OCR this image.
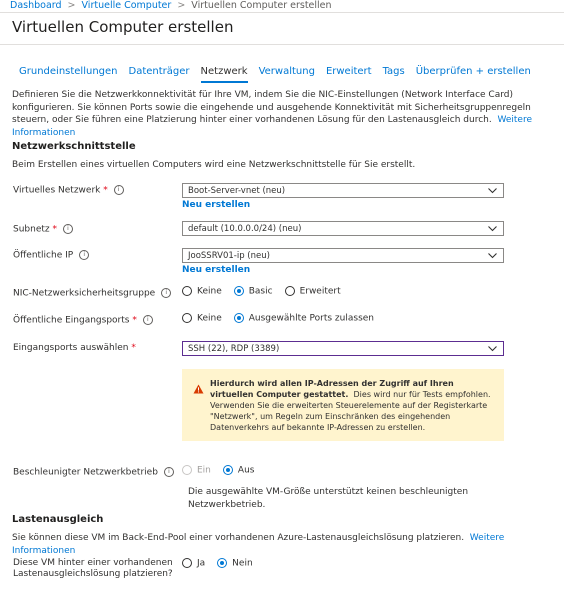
Dashboard > Virtuelle Computer > Virtuellen Computer erstellen
Virtuellen Computer erstellen
Grundeinstellungen Datenträger Netzwerk Verwaltung Erweitert Tags Überprüfen + erstellen
Definieren Sie die Netzwerkkonnektivität für Ihre VM, indem Sie die NIC-Einstellungen (Network Interface Card) konfigurieren. Sie können Ports sowie die eingehende und ausgehende Konnektivität mit Sicherheitsgruppenregeln steuern, oder Sie führen eine Platzierung hinter einer vorhandenen Lösung für den Lastenausgleich durch. Weitere Informationen
Netzwerkschnittstelle
Beim Erstellen eines virtuellen Computers wird eine Netzwerkschnittstelle für Sie erstellt.
Virtuelles Netzwerk * i	Boot-Server-vnet (neu)
Neu erstellen
Subnetz * i	default (10.0.0.0/24) (neu)
Öffentliche IP i	JooSSRV01-ip (neu)
Neu erstellen
NIC-Netzwerksicherheitsgruppe i	Keine	Basic	Erweitert
Öffentliche Eingangsports * i	Keine	Ausgewählte Ports zulassen
Eingangsports auswählen *	SSH (22), RDP (3389)
Hierdurch wird allen IP-Adressen der Zugriff auf Ihren virtuellen Computer gestattet. Dies wird nur für Tests empfohlen. Verwenden Sie die erweiterten Steuerelemente auf der Registerkarte "Netzwerk", um Regeln zum Einschränken des eingehenden Datenverkehrs auf bekannte IP-Adressen zu erstellen.
Beschleunigter Netzwerkbetrieb i	Ein	Aus
Die ausgewählte VM-Größe unterstützt keinen beschleunigten Netzwerkbetrieb.
Lastenausgleich
Sie können diese VM im Back-End-Pool einer vorhandenen Azure-Lastenausgleichslösung platzieren. Weitere Informationen
Diese VM hinter einer vorhandenen
Lastenausgleichslösung platzieren?
Ja	Nein
